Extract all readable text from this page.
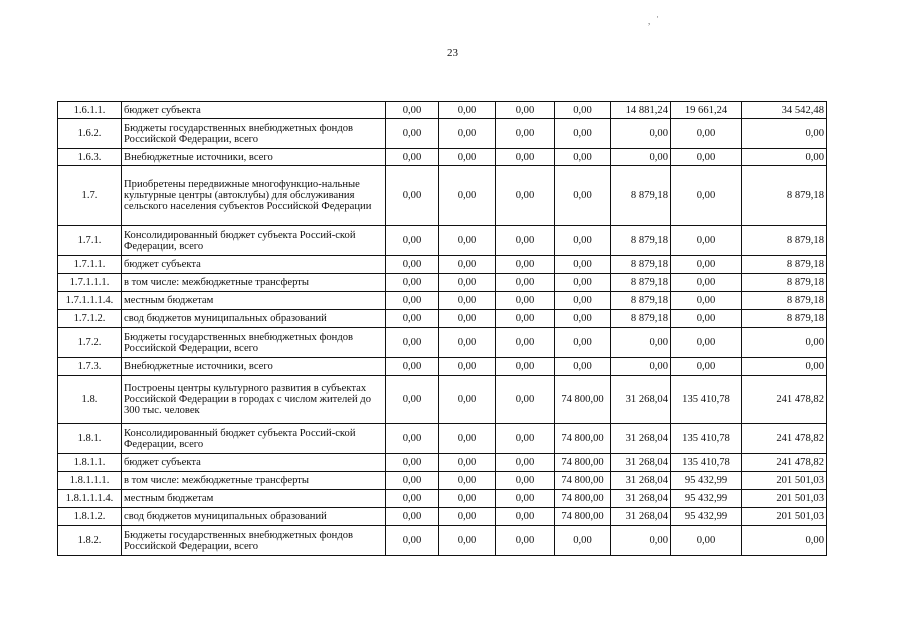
23
, ·
1.6.1.1.	бюджет субъекта	0,00	0,00	0,00	0,00	14 881,24	19 661,24	34 542,48
1.6.2.	Бюджеты государственных внебюджетных фондов Российской Федерации, всего	0,00	0,00	0,00	0,00	0,00	0,00	0,00
1.6.3.	Внебюджетные источники, всего	0,00	0,00	0,00	0,00	0,00	0,00	0,00
1.7.	Приобретены передвижные многофункцио-нальные культурные центры (автоклубы) для обслуживания сельского населения субъектов Российской Федерации	0,00	0,00	0,00	0,00	8 879,18	0,00	8 879,18
1.7.1.	Консолидированный бюджет субъекта Россий-ской Федерации, всего	0,00	0,00	0,00	0,00	8 879,18	0,00	8 879,18
1.7.1.1.	бюджет субъекта	0,00	0,00	0,00	0,00	8 879,18	0,00	8 879,18
1.7.1.1.1.	в том числе: межбюджетные трансферты	0,00	0,00	0,00	0,00	8 879,18	0,00	8 879,18
1.7.1.1.1.4.	местным бюджетам	0,00	0,00	0,00	0,00	8 879,18	0,00	8 879,18
1.7.1.2.	свод бюджетов муниципальных образований	0,00	0,00	0,00	0,00	8 879,18	0,00	8 879,18
1.7.2.	Бюджеты государственных внебюджетных фондов Российской Федерации, всего	0,00	0,00	0,00	0,00	0,00	0,00	0,00
1.7.3.	Внебюджетные источники, всего	0,00	0,00	0,00	0,00	0,00	0,00	0,00
1.8.	Построены центры культурного развития в субъектах Российской Федерации в городах с числом жителей до 300 тыс. человек	0,00	0,00	0,00	74 800,00	31 268,04	135 410,78	241 478,82
1.8.1.	Консолидированный бюджет субъекта Россий-ской Федерации, всего	0,00	0,00	0,00	74 800,00	31 268,04	135 410,78	241 478,82
1.8.1.1.	бюджет субъекта	0,00	0,00	0,00	74 800,00	31 268,04	135 410,78	241 478,82
1.8.1.1.1.	в том числе: межбюджетные трансферты	0,00	0,00	0,00	74 800,00	31 268,04	95 432,99	201 501,03
1.8.1.1.1.4.	местным бюджетам	0,00	0,00	0,00	74 800,00	31 268,04	95 432,99	201 501,03
1.8.1.2.	свод бюджетов муниципальных образований	0,00	0,00	0,00	74 800,00	31 268,04	95 432,99	201 501,03
1.8.2.	Бюджеты государственных внебюджетных фондов Российской Федерации, всего	0,00	0,00	0,00	0,00	0,00	0,00	0,00
